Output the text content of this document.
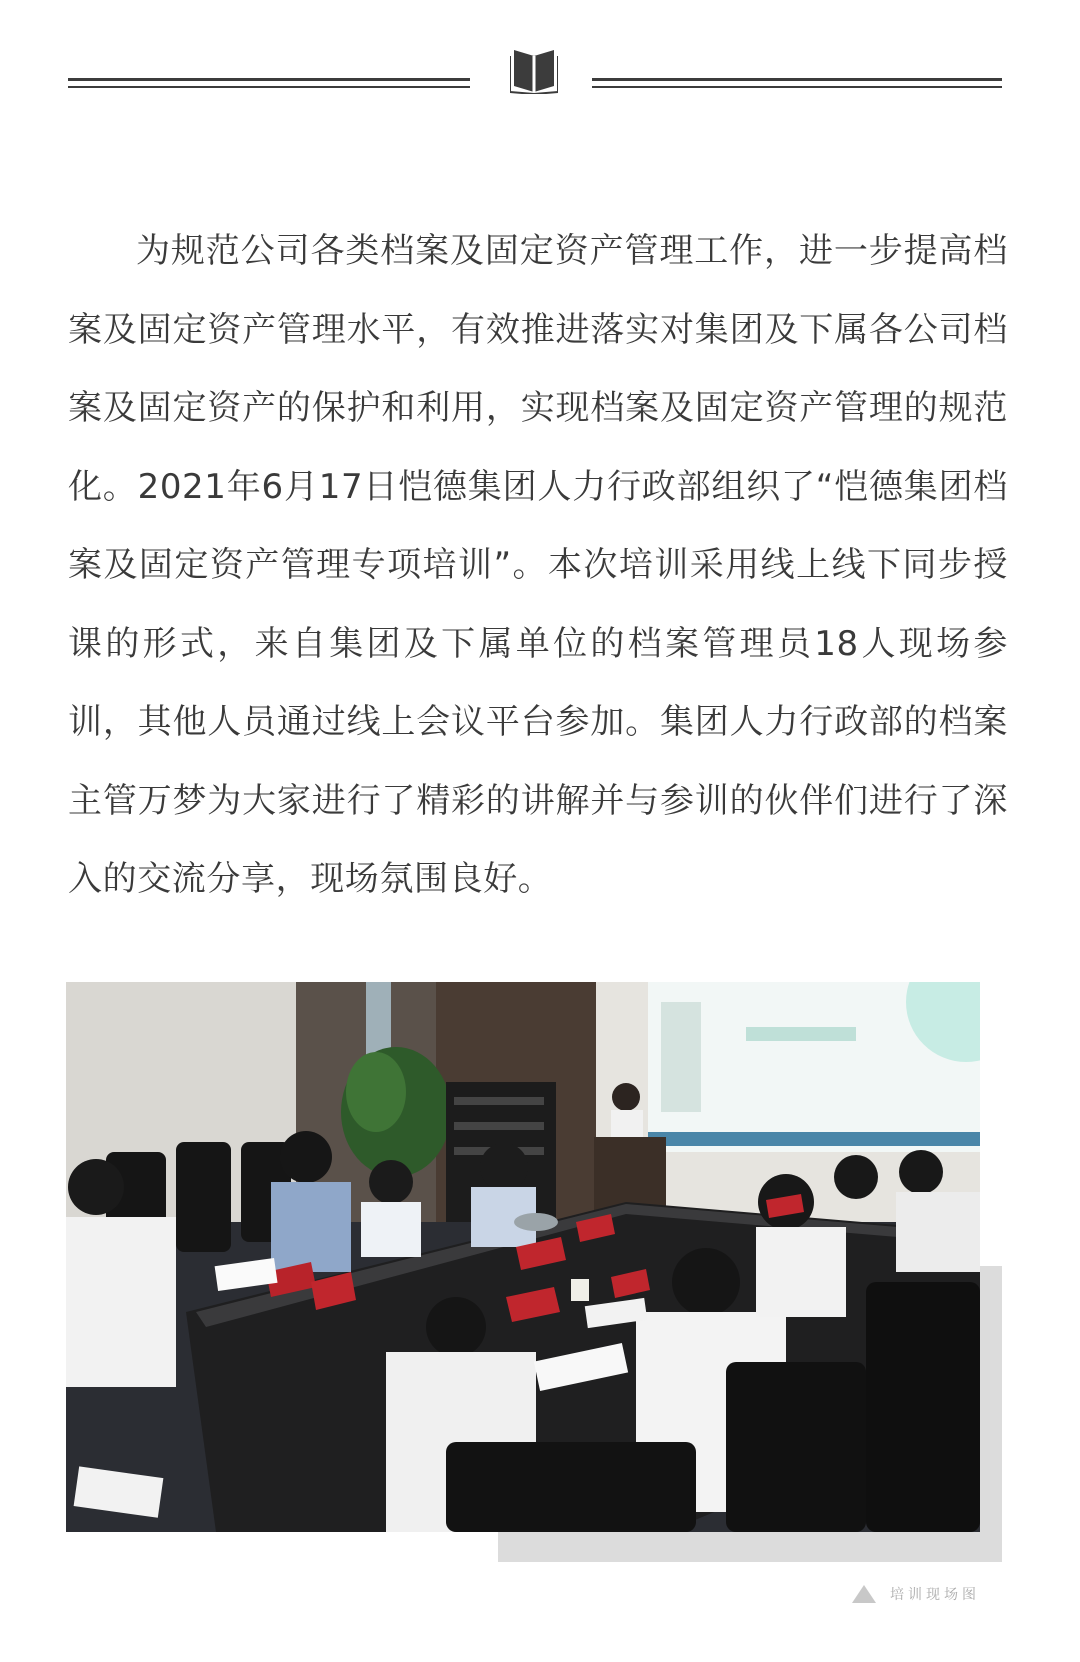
为规范公司各类档案及固定资产管理工作，进一步提高档案及固定资产管理水平，有效推进落实对集团及下属各公司档案及固定资产的保护和利用，实现档案及固定资产管理的规范化。2021年6月17日恺德集团人力行政部组织了“恺德集团档案及固定资产管理专项培训”。本次培训采用线上线下同步授课的形式，来自集团及下属单位的档案管理员18人现场参训，其他人员通过线上会议平台参加。集团人力行政部的档案主管万梦为大家进行了精彩的讲解并与参训的伙伴们进行了深入的交流分享，现场氛围良好。

培训现场图
